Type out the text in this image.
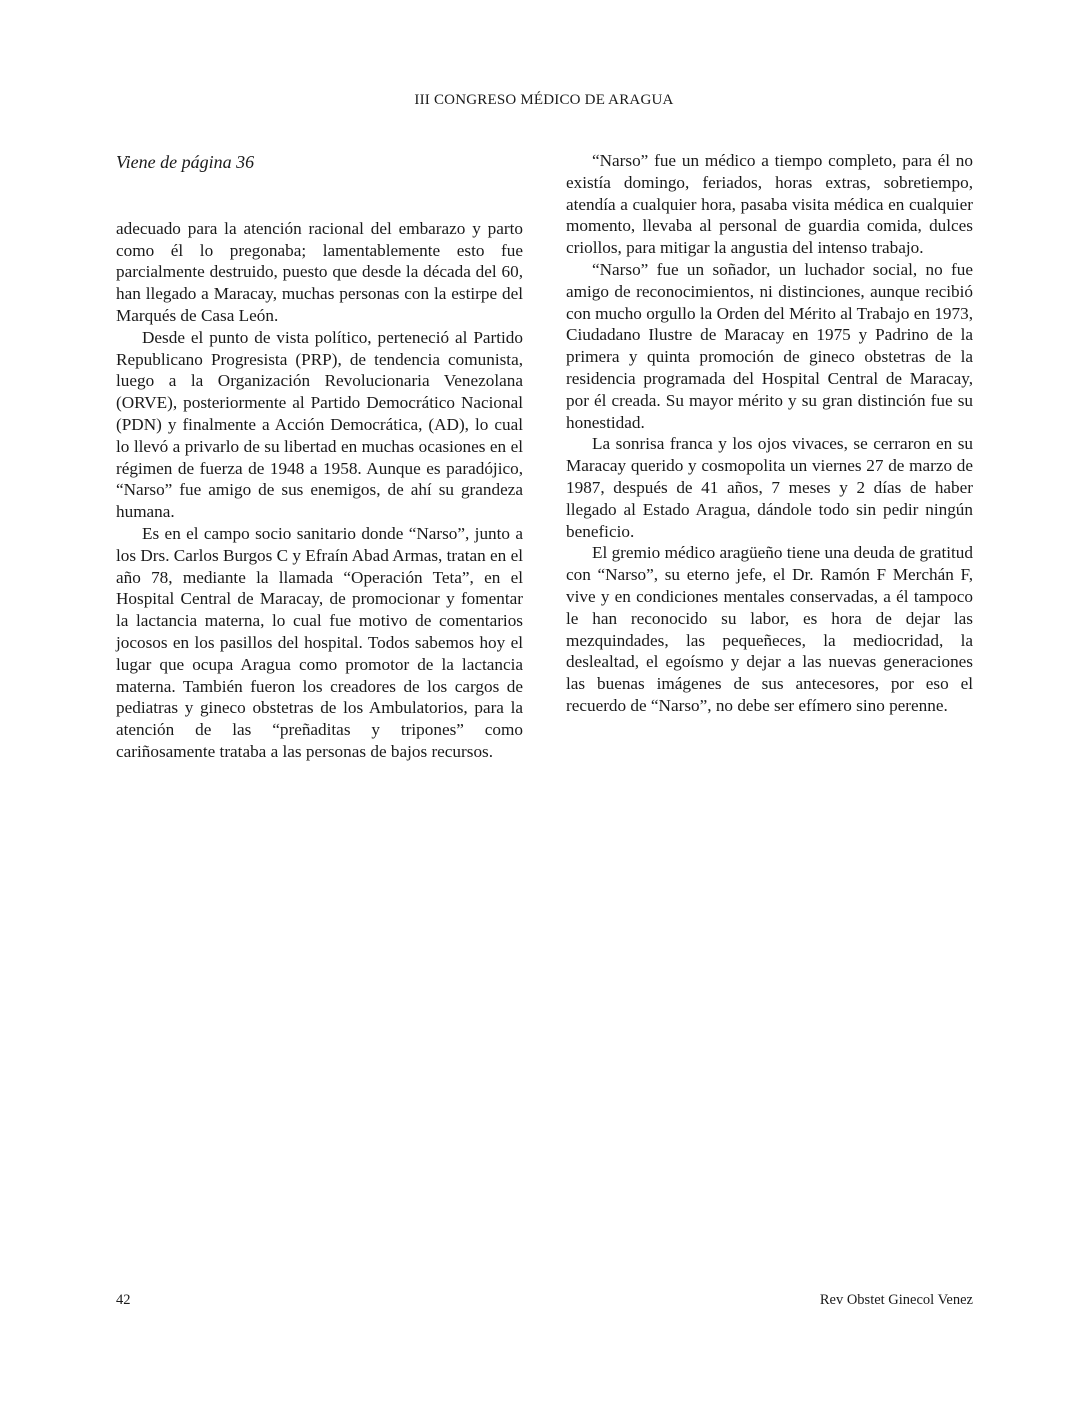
III CONGRESO MÉDICO DE ARAGUA
Viene de página 36

adecuado para la atención racional del embarazo y parto como él lo pregonaba; lamentablemente esto fue parcialmente destruido, puesto que desde la década del 60, han llegado a Maracay, muchas personas con la estirpe del Marqués de Casa León.

Desde el punto de vista político, perteneció al Partido Republicano Progresista (PRP), de tendencia comunista, luego a la Organización Revolucionaria Venezolana (ORVE), posteriormente al Partido Democrático Nacional (PDN) y finalmente a Acción Democrática, (AD), lo cual lo llevó a privarlo de su libertad en muchas ocasiones en el régimen de fuerza de 1948 a 1958. Aunque es paradójico, “Narso” fue amigo de sus enemigos, de ahí su grandeza humana.

Es en el campo socio sanitario donde “Narso”, junto a los Drs. Carlos Burgos C y Efraín Abad Armas, tratan en el año 78, mediante la llamada “Operación Teta”, en el Hospital Central de Maracay, de promocionar y fomentar la lactancia materna, lo cual fue motivo de comentarios jocosos en los pasillos del hospital. Todos sabemos hoy el lugar que ocupa Aragua como promotor de la lactancia materna. También fueron los creadores de los cargos de pediatras y gineco obstetras de los Ambulatorios, para la atención de las “preñaditas y tripones” como cariñosamente trataba a las personas de bajos recursos.

“Narso” fue un médico a tiempo completo, para él no existía domingo, feriados, horas extras, sobretiempo, atendía a cualquier hora, pasaba visita médica en cualquier momento, llevaba al personal de guardia comida, dulces criollos, para mitigar la angustia del intenso trabajo.

“Narso” fue un soñador, un luchador social, no fue amigo de reconocimientos, ni distinciones, aunque recibió con mucho orgullo la Orden del Mérito al Trabajo en 1973, Ciudadano Ilustre de Maracay en 1975 y Padrino de la primera y quinta promoción de gineco obstetras de la residencia programada del Hospital Central de Maracay, por él creada. Su mayor mérito y su gran distinción fue su honestidad.

La sonrisa franca y los ojos vivaces, se cerraron en su Maracay querido y cosmopolita un viernes 27 de marzo de 1987, después de 41 años, 7 meses y 2 días de haber llegado al Estado Aragua, dándole todo sin pedir ningún beneficio.

El gremio médico aragüeño tiene una deuda de gratitud con “Narso”, su eterno jefe, el Dr. Ramón F Merchán F, vive y en condiciones mentales conservadas, a él tampoco le han reconocido su labor, es hora de dejar las mezquindades, las pequeñeces, la mediocridad, la deslealtad, el egoísmo y dejar a las nuevas generaciones las buenas imágenes de sus antecesores, por eso el recuerdo de “Narso”, no debe ser efímero sino perenne.

42	Rev Obstet Ginecol Venez
